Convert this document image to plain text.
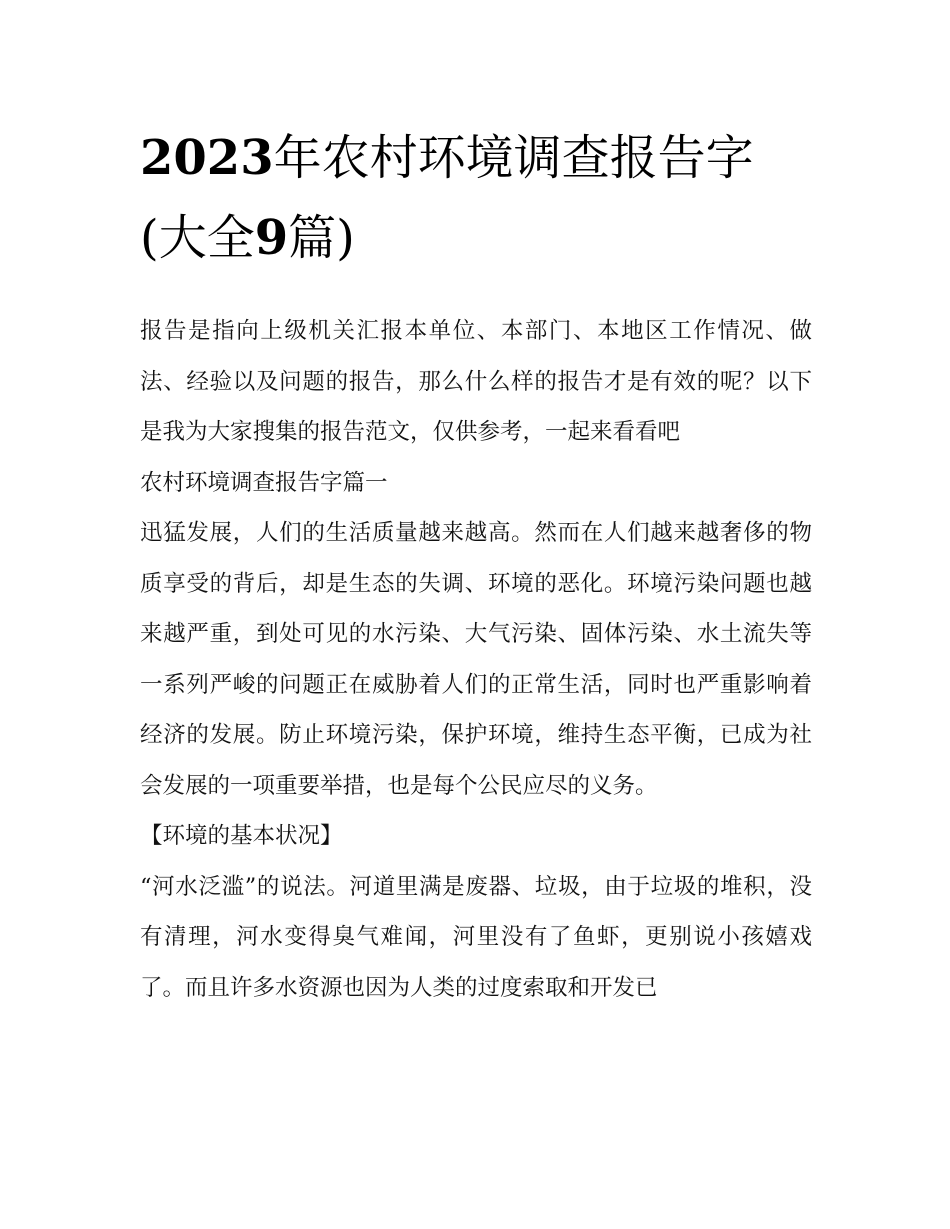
2023年农村环境调查报告字
(大全9篇)

报告是指向上级机关汇报本单位、本部门、本地区工作情况、做法、经验以及问题的报告，那么什么样的报告才是有效的呢？以下是我为大家搜集的报告范文，仅供参考，一起来看看吧

农村环境调查报告字篇一

迅猛发展，人们的生活质量越来越高。然而在人们越来越奢侈的物质享受的背后，却是生态的失调、环境的恶化。环境污染问题也越来越严重，到处可见的水污染、大气污染、固体污染、水土流失等一系列严峻的问题正在威胁着人们的正常生活，同时也严重影响着经济的发展。防止环境污染，保护环境，维持生态平衡，已成为社会发展的一项重要举措，也是每个公民应尽的义务。

【环境的基本状况】

“河水泛滥”的说法。河道里满是废器、垃圾，由于垃圾的堆积，没有清理，河水变得臭气难闻，河里没有了鱼虾，更别说小孩嬉戏了。而且许多水资源也因为人类的过度索取和开发已
